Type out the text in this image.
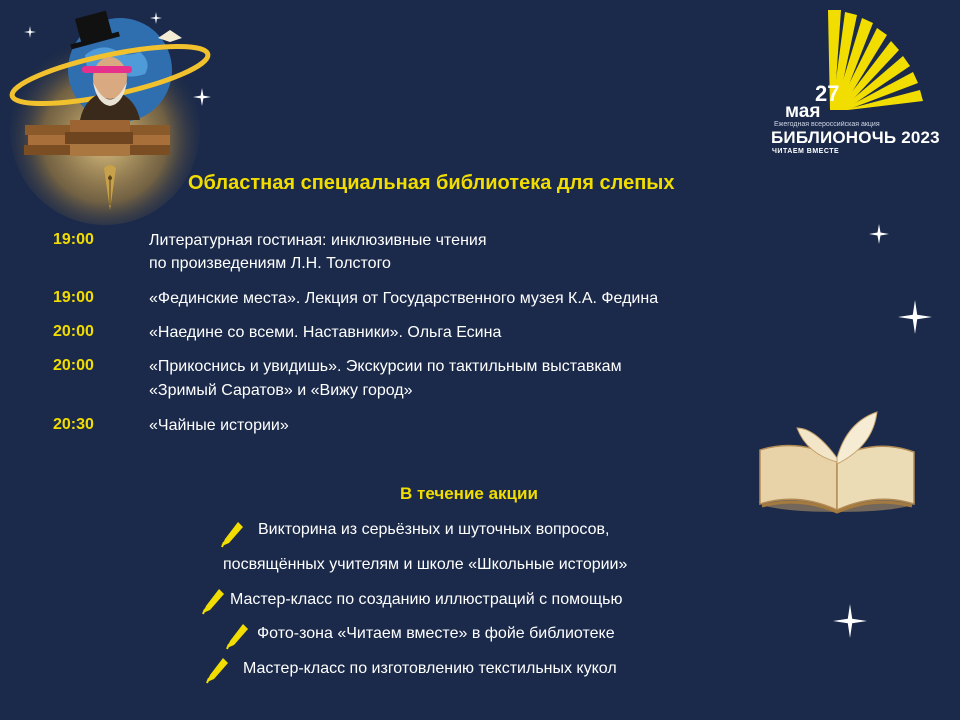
27
мая
Ежегодная всероссийская акция
БИБЛИОНОЧЬ 2023
ЧИТАЕМ ВМЕСТЕ
Областная специальная библиотека для слепых
19:00	Литературная гостиная: инклюзивные чтения
по произведениям Л.Н. Толстого
19:00	«Фединские места». Лекция от Государственного музея К.А. Федина
20:00	«Наедине со всеми. Наставники». Ольга Есина
20:00	«Прикоснись и увидишь». Экскурсии по тактильным выставкам
«Зримый Саратов» и «Вижу город»
20:30	«Чайные истории»
В течение акции
Викторина из серьёзных и шуточных вопросов,
посвящённых учителям и школе «Школьные истории»
Мастер-класс по созданию иллюстраций с помощью
Фото-зона «Читаем вместе» в фойе библиотеке
Мастер-класс по изготовлению текстильных кукол
